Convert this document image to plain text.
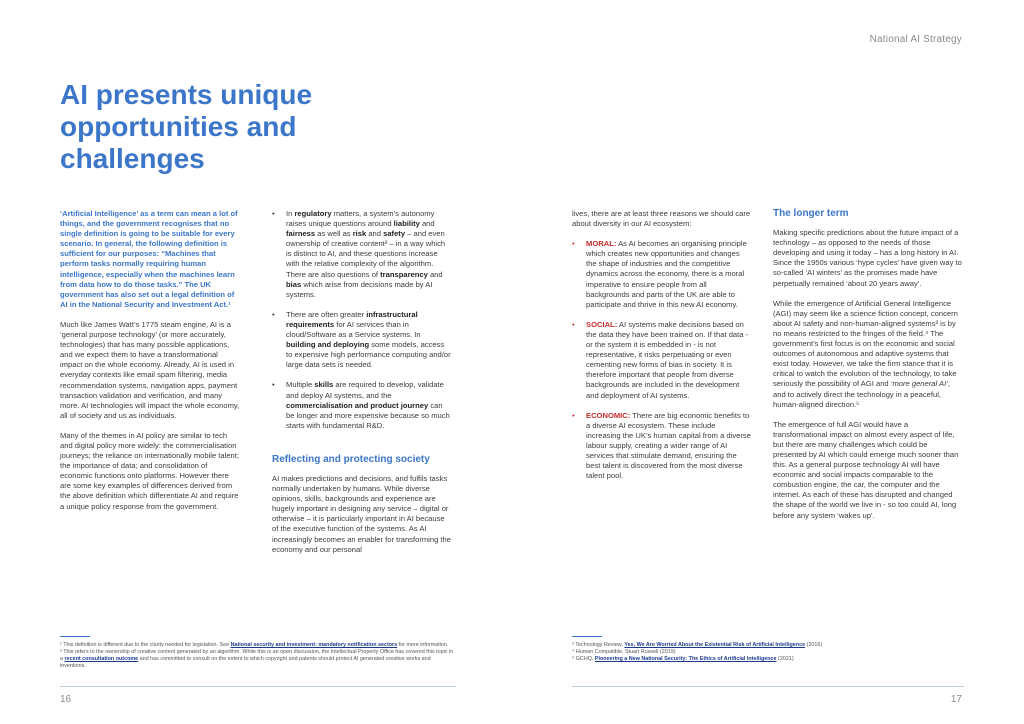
National AI Strategy
AI presents unique opportunities and challenges

‘Artificial Intelligence’ as a term can mean a lot of things, and the government recognises that no single definition is going to be suitable for every scenario. In general, the following definition is sufficient for our purposes: “Machines that perform tasks normally requiring human intelligence, especially when the machines learn from data how to do those tasks.” The UK government has also set out a legal definition of AI in the National Security and Investment Act.¹

Much like James Watt’s 1775 steam engine, AI is a ‘general purpose technology’ (or more accurately, technologies) that has many possible applications, and we expect them to have a transformational impact on the whole economy. Already, AI is used in everyday contexts like email spam filtering, media recommendation systems, navigation apps, payment transaction validation and verification, and many more. AI technologies will impact the whole economy, all of society and us as individuals.

Many of the themes in AI policy are similar to tech and digital policy more widely: the commercialisation journeys; the reliance on internationally mobile talent; the importance of data; and consolidation of economic functions onto platforms. However there are some key examples of differences derived from the above definition which differentiate AI and require a unique policy response from the government.

• In regulatory matters, a system’s autonomy raises unique questions around liability and fairness as well as risk and safety – and even ownership of creative content² – in a way which is distinct to AI, and these questions increase with the relative complexity of the algorithm. There are also questions of transparency and bias which arise from decisions made by AI systems.
• There are often greater infrastructural requirements for AI services than in cloud/Software as a Service systems. In building and deploying some models, access to expensive high performance computing and/or large data sets is needed.
• Multiple skills are required to develop, validate and deploy AI systems, and the commercialisation and product journey can be longer and more expensive because so much starts with fundamental R&D.
Reflecting and protecting society

AI makes predictions and decisions, and fulfils tasks normally undertaken by humans. While diverse opinions, skills, backgrounds and experience are hugely important in designing any service – digital or otherwise – it is particularly important in AI because of the executive function of the systems. As AI increasingly becomes an enabler for transforming the economy and our personal

lives, there are at least three reasons we should care about diversity in our AI ecosystem:

• MORAL: As AI becomes an organising principle which creates new opportunities and changes the shape of industries and the competitive dynamics across the economy, there is a moral imperative to ensure people from all backgrounds and parts of the UK are able to participate and thrive in this new AI economy.
• SOCIAL: AI systems make decisions based on the data they have been trained on. If that data - or the system it is embedded in - is not representative, it risks perpetuating or even cementing new forms of bias in society. It is therefore important that people from diverse backgrounds are included in the development and deployment of AI systems.
• ECONOMIC: There are big economic benefits to a diverse AI ecosystem. These include increasing the UK’s human capital from a diverse labour supply, creating a wider range of AI services that stimulate demand, ensuring the best talent is discovered from the most diverse talent pool.
The longer term

Making specific predictions about the future impact of a technology – as opposed to the needs of those developing and using it today – has a long history in AI. Since the 1950s various ‘hype cycles’ have given way to so-called ‘AI winters’ as the promises made have perpetually remained ‘about 20 years away’.

While the emergence of Artificial General Intelligence (AGI) may seem like a science fiction concept, concern about AI safety and non-human-aligned systems³ is by no means restricted to the fringes of the field.⁴ The government’s first focus is on the economic and social outcomes of autonomous and adaptive systems that exist today. However, we take the firm stance that it is critical to watch the evolution of the technology, to take seriously the possibility of AGI and ‘more general AI’, and to actively direct the technology in a peaceful, human-aligned direction.⁵

The emergence of full AGI would have a transformational impact on almost every aspect of life, but there are many challenges which could be presented by AI which could emerge much sooner than this. As a general purpose technology AI will have economic and social impacts comparable to the combustion engine, the car, the computer and the internet. As each of these has disrupted and changed the shape of the world we live in - so too could AI, long before any system ‘wakes up’.

¹ This definition is different due to the clarity needed for legislation. See National security and investment: mandatory notification sectors for more information.

² This refers to the ownership of creative content generated by an algorithm. While this is an open discussion, the Intellectual Property Office has covered this topic in a recent consultation outcome and has committed to consult on the extent to which copyright and patents should protect AI generated creative works and inventions.

³ Technology Review, Yes, We Are Worried About the Existential Risk of Artificial Intelligence (2016)

⁴ Human Compatible, Stuart Russell (2019)

⁵ GCHQ, Pioneering a New National Security: The Ethics of Artificial Intelligence (2021)

16	17
